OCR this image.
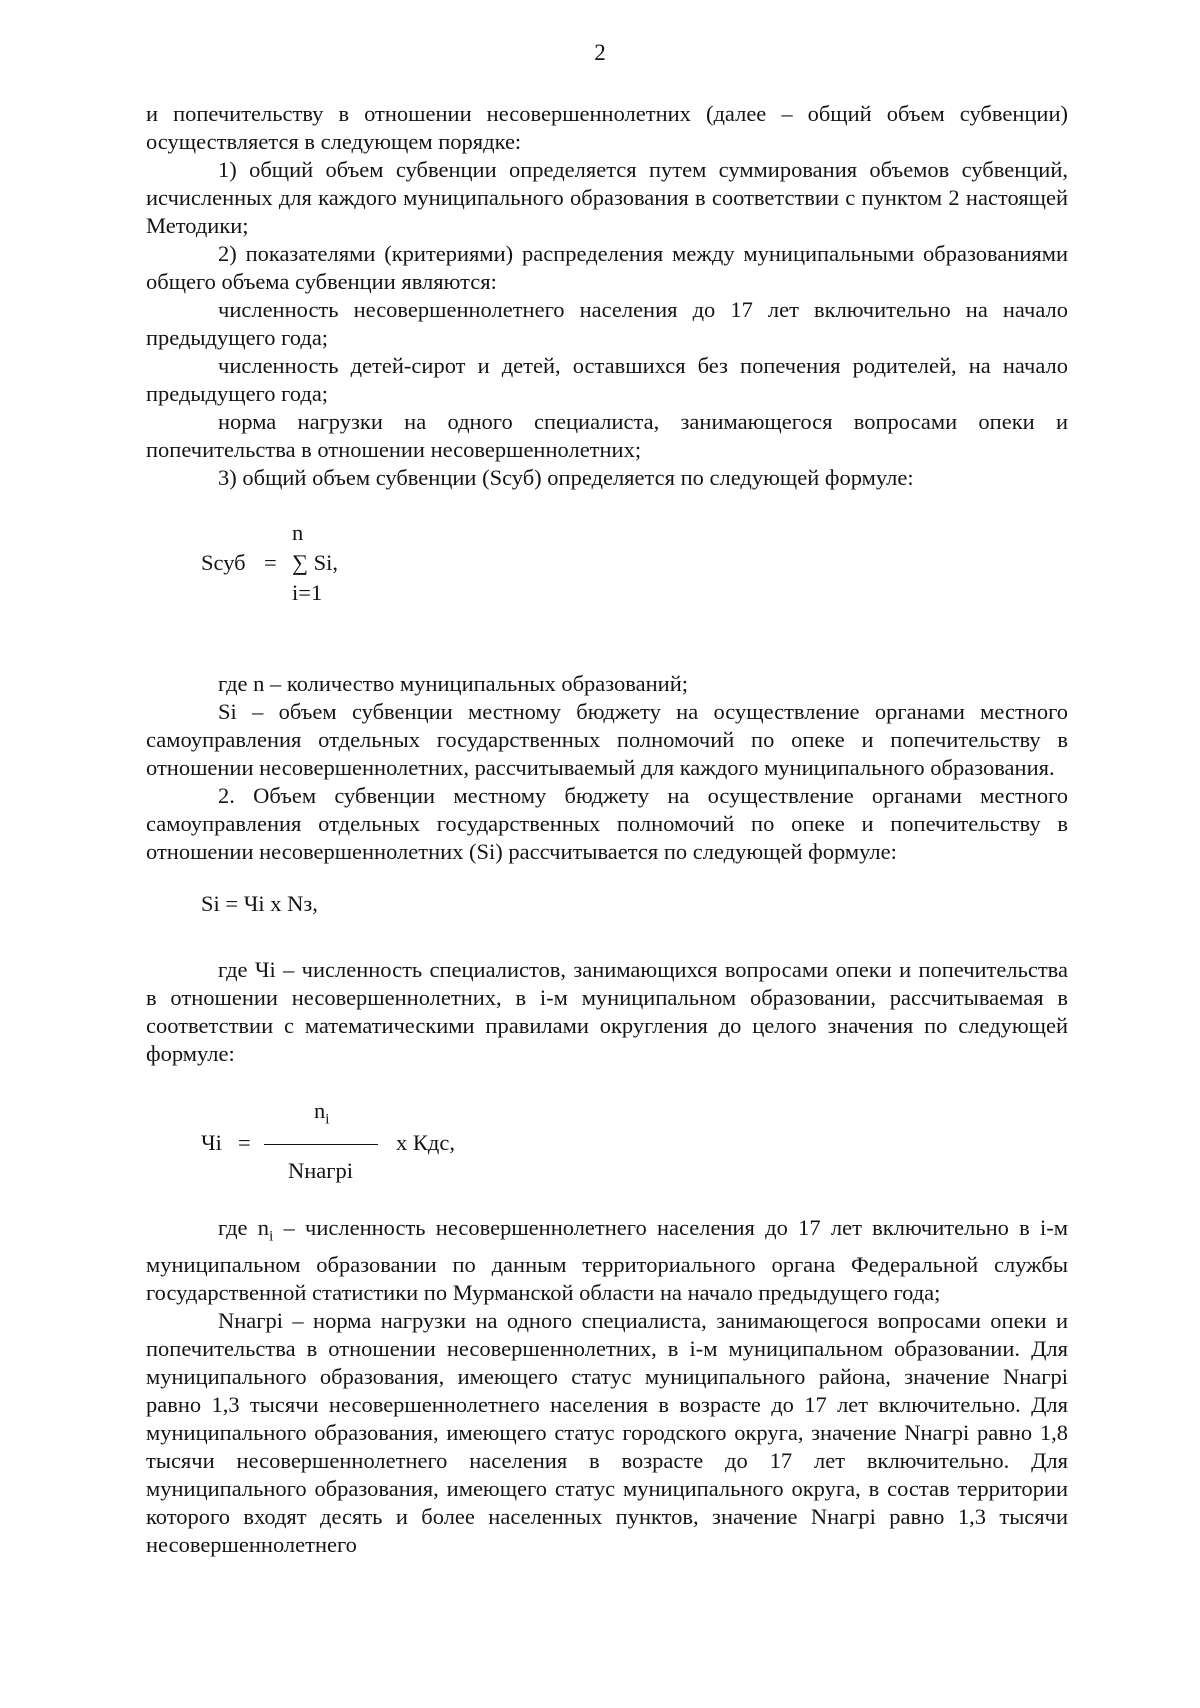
2

и попечительству в отношении несовершеннолетних (далее – общий объем субвенции) осуществляется в следующем порядке:

1) общий объем субвенции определяется путем суммирования объемов субвенций, исчисленных для каждого муниципального образования в соответствии с пунктом 2 настоящей Методики;

2) показателями (критериями) распределения между муниципальными образованиями общего объема субвенции являются:

численность несовершеннолетнего населения до 17 лет включительно на начало предыдущего года;

численность детей-сирот и детей, оставшихся без попечения родителей, на начало предыдущего года;

норма нагрузки на одного специалиста, занимающегося вопросами опеки и попечительства в отношении несовершеннолетних;

3) общий объем субвенции (Sсуб) определяется по следующей формуле:

n
Sсуб = ∑ Si,
i=1

где n – количество муниципальных образований;

Si – объем субвенции местному бюджету на осуществление органами местного самоуправления отдельных государственных полномочий по опеке и попечительству в отношении несовершеннолетних, рассчитываемый для каждого муниципального образования.

2. Объем субвенции местному бюджету на осуществление органами местного самоуправления отдельных государственных полномочий по опеке и попечительству в отношении несовершеннолетних (Si) рассчитывается по следующей формуле:

Si = Чi x Nз,

где Чi – численность специалистов, занимающихся вопросами опеки и попечительства в отношении несовершеннолетних, в i-м муниципальном образовании, рассчитываемая в соответствии с математическими правилами округления до целого значения по следующей формуле:

Чi =
$n_i$
Nнагрi
x Кдс,

где $n_i$ – численность несовершеннолетнего населения до 17 лет включительно в i-м муниципальном образовании по данным территориального органа Федеральной службы государственной статистики по Мурманской области на начало предыдущего года;

Nнагрi – норма нагрузки на одного специалиста, занимающегося вопросами опеки и попечительства в отношении несовершеннолетних, в i-м муниципальном образовании. Для муниципального образования, имеющего статус муниципального района, значение Nнагрi равно 1,3 тысячи несовершеннолетнего населения в возрасте до 17 лет включительно. Для муниципального образования, имеющего статус городского округа, значение Nнагрi равно 1,8 тысячи несовершеннолетнего населения в возрасте до 17 лет включительно. Для муниципального образования, имеющего статус муниципального округа, в состав территории которого входят десять и более населенных пунктов, значение Nнагрi равно 1,3 тысячи несовершеннолетнего
